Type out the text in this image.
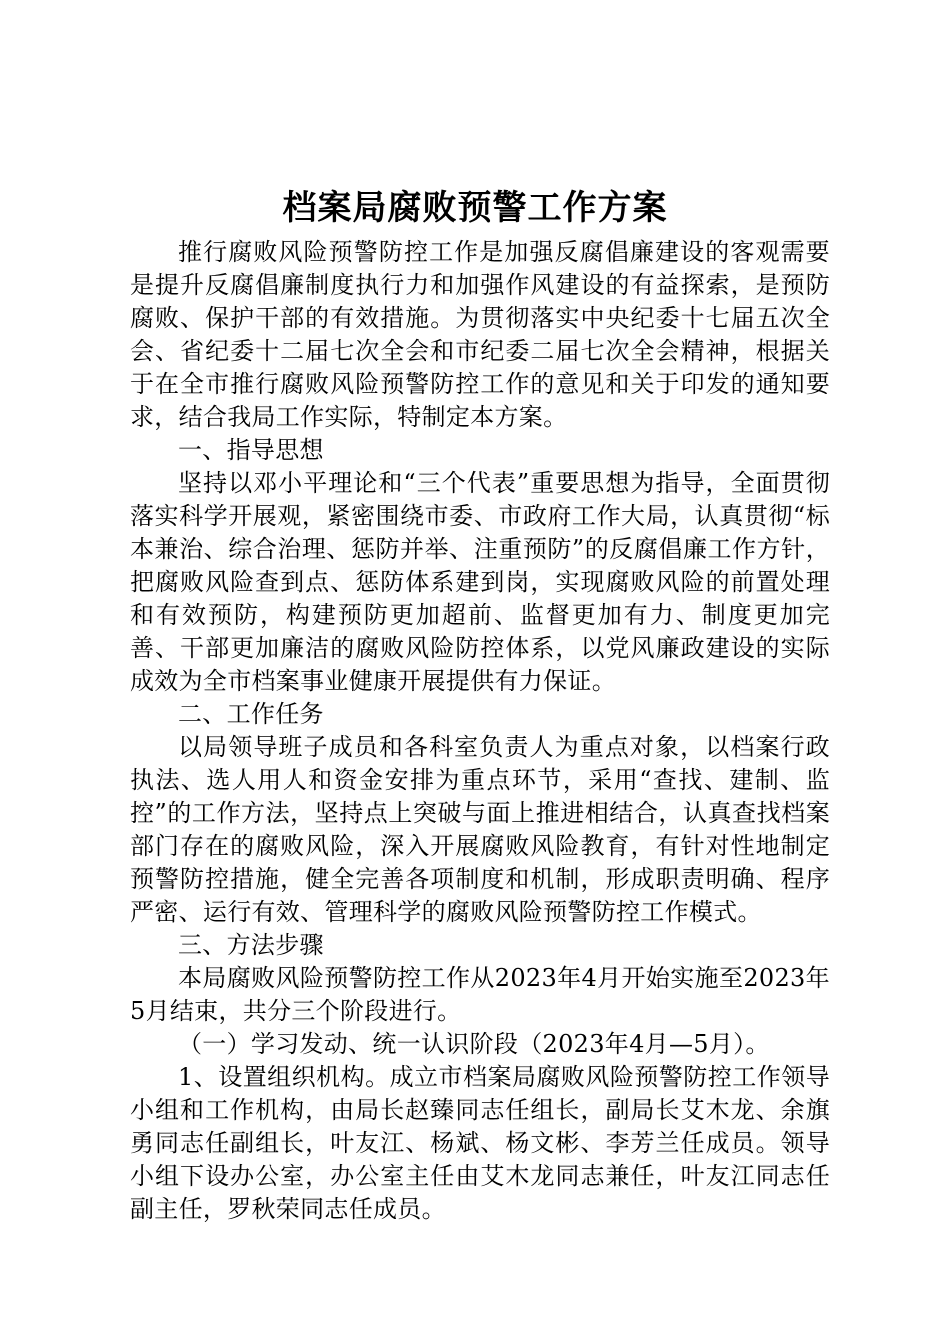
档案局腐败预警工作方案

推行腐败风险预警防控工作是加强反腐倡廉建设的客观需要是提升反腐倡廉制度执行力和加强作风建设的有益探索，是预防腐败、保护干部的有效措施。为贯彻落实中央纪委十七届五次全会、省纪委十二届七次全会和市纪委二届七次全会精神，根据关于在全市推行腐败风险预警防控工作的意见和关于印发的通知要求，结合我局工作实际，特制定本方案。

一、指导思想

坚持以邓小平理论和“三个代表”重要思想为指导，全面贯彻落实科学开展观，紧密围绕市委、市政府工作大局，认真贯彻“标本兼治、综合治理、惩防并举、注重预防”的反腐倡廉工作方针，把腐败风险查到点、惩防体系建到岗，实现腐败风险的前置处理和有效预防，构建预防更加超前、监督更加有力、制度更加完善、干部更加廉洁的腐败风险防控体系，以党风廉政建设的实际成效为全市档案事业健康开展提供有力保证。

二、工作任务

以局领导班子成员和各科室负责人为重点对象，以档案行政执法、选人用人和资金安排为重点环节，采用“查找、建制、监控”的工作方法，坚持点上突破与面上推进相结合，认真查找档案部门存在的腐败风险，深入开展腐败风险教育，有针对性地制定预警防控措施，健全完善各项制度和机制，形成职责明确、程序严密、运行有效、管理科学的腐败风险预警防控工作模式。

三、方法步骤

本局腐败风险预警防控工作从2023年4月开始实施至2023年5月结束，共分三个阶段进行。

（一）学习发动、统一认识阶段（2023年4月—5月）。

1、设置组织机构。成立市档案局腐败风险预警防控工作领导小组和工作机构，由局长赵臻同志任组长，副局长艾木龙、余旗勇同志任副组长，叶友江、杨斌、杨文彬、李芳兰任成员。领导小组下设办公室，办公室主任由艾木龙同志兼任，叶友江同志任副主任，罗秋荣同志任成员。
